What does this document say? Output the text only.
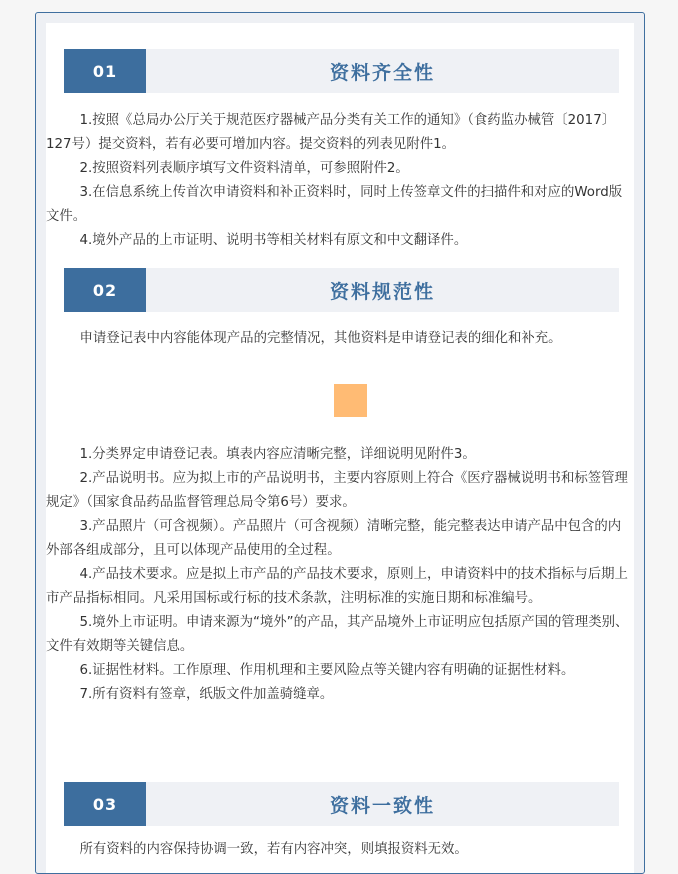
01	资料齐全性

1.按照《总局办公厅关于规范医疗器械产品分类有关工作的通知》（食药监办械管〔2017〕127号）提交资料，若有必要可增加内容。提交资料的列表见附件1。

2.按照资料列表顺序填写文件资料清单，可参照附件2。

3.在信息系统上传首次申请资料和补正资料时，同时上传签章文件的扫描件和对应的Word版文件。

4.境外产品的上市证明、说明书等相关材料有原文和中文翻译件。

02	资料规范性

申请登记表中内容能体现产品的完整情况，其他资料是申请登记表的细化和补充。

1.分类界定申请登记表。填表内容应清晰完整，详细说明见附件3。

2.产品说明书。应为拟上市的产品说明书，主要内容原则上符合《医疗器械说明书和标签管理规定》（国家食品药品监督管理总局令第6号）要求。

3.产品照片（可含视频）。产品照片（可含视频）清晰完整，能完整表达申请产品中包含的内外部各组成部分，且可以体现产品使用的全过程。

4.产品技术要求。应是拟上市产品的产品技术要求，原则上，申请资料中的技术指标与后期上市产品指标相同。凡采用国标或行标的技术条款，注明标准的实施日期和标准编号。

5.境外上市证明。申请来源为“境外”的产品，其产品境外上市证明应包括原产国的管理类别、文件有效期等关键信息。

6.证据性材料。工作原理、作用机理和主要风险点等关键内容有明确的证据性材料。

7.所有资料有签章，纸版文件加盖骑缝章。

03	资料一致性

所有资料的内容保持协调一致，若有内容冲突，则填报资料无效。
